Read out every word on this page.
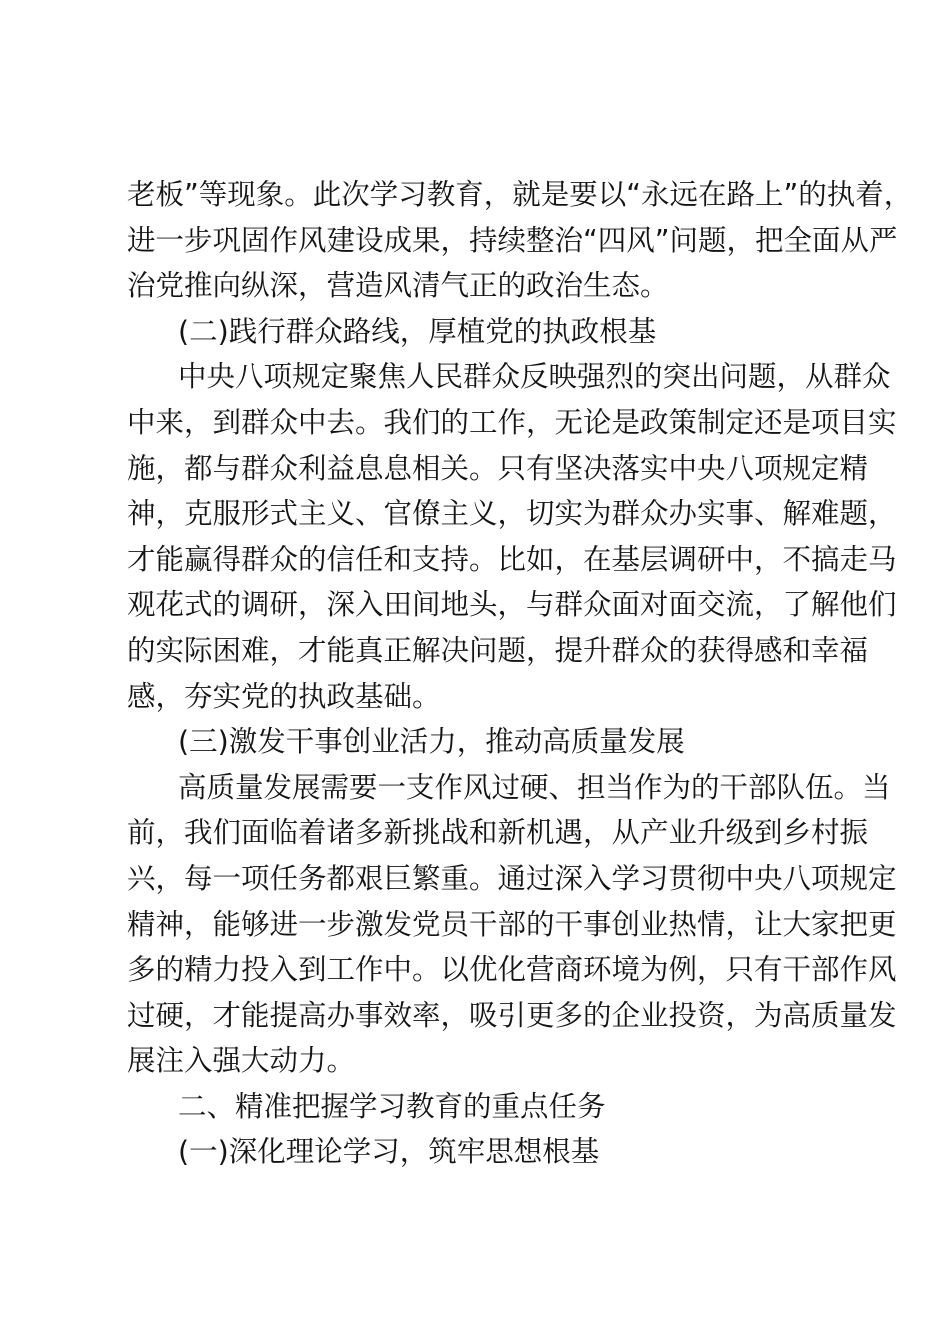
老板”等现象。此次学习教育，就是要以“永远在路上”的执着，
进一步巩固作风建设成果，持续整治“四风”问题，把全面从严
治党推向纵深，营造风清气正的政治生态。
(二)践行群众路线，厚植党的执政根基
中央八项规定聚焦人民群众反映强烈的突出问题，从群众
中来，到群众中去。我们的工作，无论是政策制定还是项目实
施，都与群众利益息息相关。只有坚决落实中央八项规定精
神，克服形式主义、官僚主义，切实为群众办实事、解难题，
才能赢得群众的信任和支持。比如，在基层调研中，不搞走马
观花式的调研，深入田间地头，与群众面对面交流，了解他们
的实际困难，才能真正解决问题，提升群众的获得感和幸福
感，夯实党的执政基础。
(三)激发干事创业活力，推动高质量发展
高质量发展需要一支作风过硬、担当作为的干部队伍。当
前，我们面临着诸多新挑战和新机遇，从产业升级到乡村振
兴，每一项任务都艰巨繁重。通过深入学习贯彻中央八项规定
精神，能够进一步激发党员干部的干事创业热情，让大家把更
多的精力投入到工作中。以优化营商环境为例，只有干部作风
过硬，才能提高办事效率，吸引更多的企业投资，为高质量发
展注入强大动力。
二、精准把握学习教育的重点任务
(一)深化理论学习，筑牢思想根基
